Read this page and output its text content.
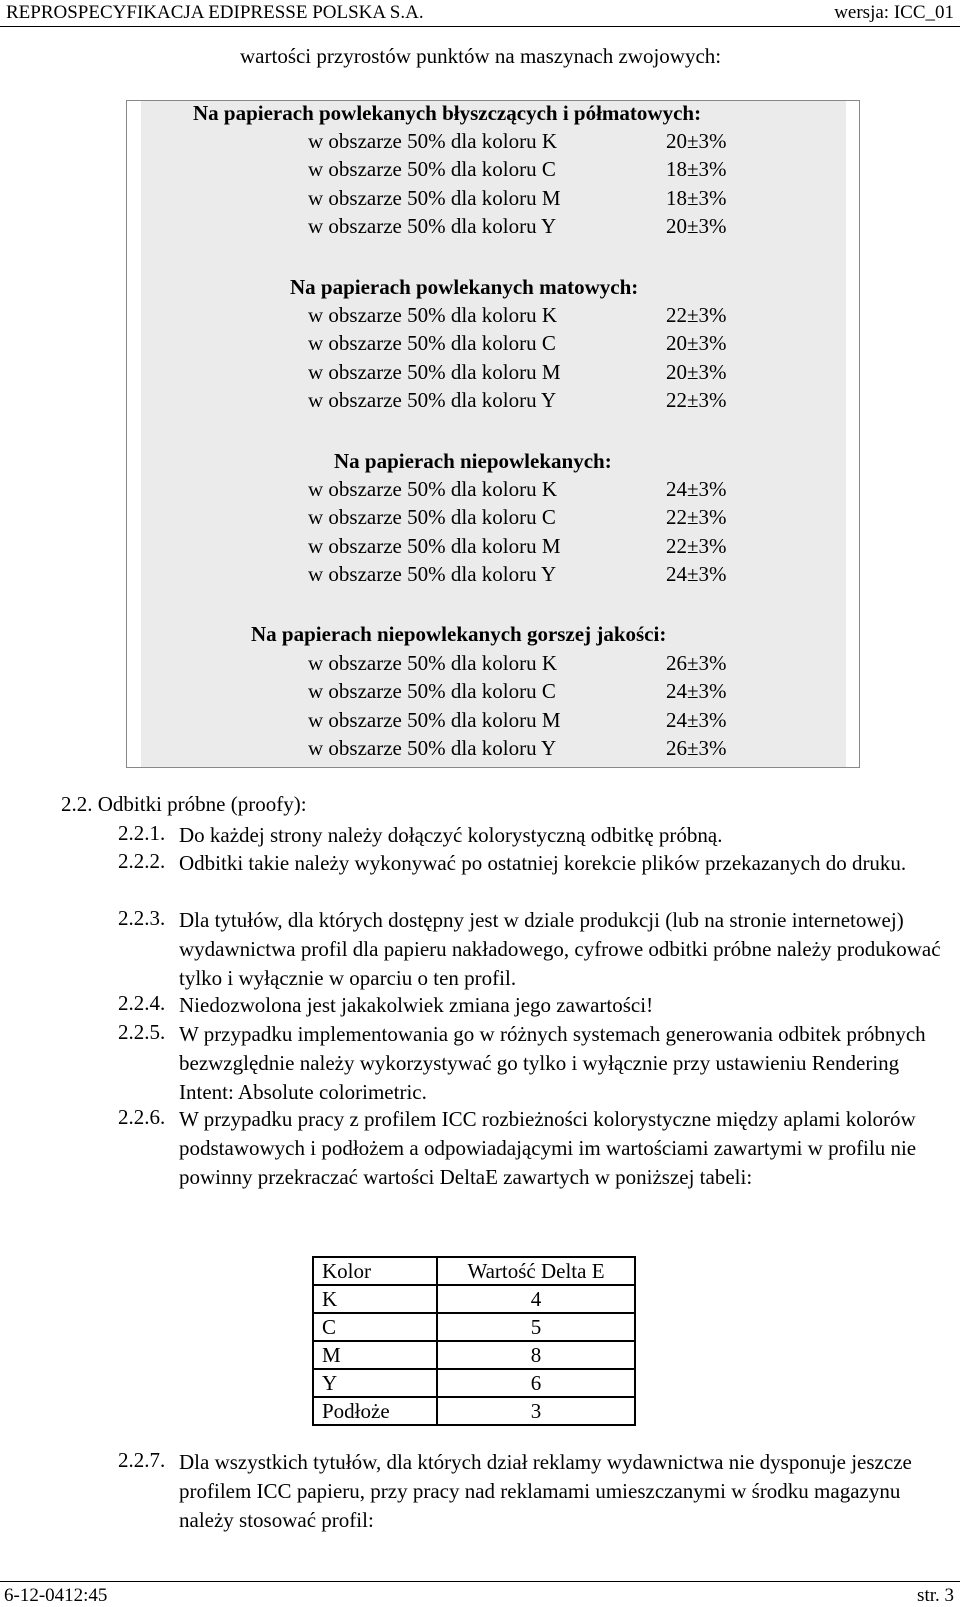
REPROSPECYFIKACJA EDIPRESSE POLSKA S.A.	wersja: ICC_01
wartości przyrostów punktów na maszynach zwojowych:
Na papierach powlekanych błyszczących i półmatowych:
w obszarze 50% dla koloru K	20±3%
w obszarze 50% dla koloru C	18±3%
w obszarze 50% dla koloru M	18±3%
w obszarze 50% dla koloru Y	20±3%
Na papierach powlekanych matowych:
w obszarze 50% dla koloru K	22±3%
w obszarze 50% dla koloru C	20±3%
w obszarze 50% dla koloru M	20±3%
w obszarze 50% dla koloru Y	22±3%
Na papierach niepowlekanych:
w obszarze 50% dla koloru K	24±3%
w obszarze 50% dla koloru C	22±3%
w obszarze 50% dla koloru M	22±3%
w obszarze 50% dla koloru Y	24±3%
Na papierach niepowlekanych gorszej jakości:
w obszarze 50% dla koloru K	26±3%
w obszarze 50% dla koloru C	24±3%
w obszarze 50% dla koloru M	24±3%
w obszarze 50% dla koloru Y	26±3%
2.2. Odbitki próbne (proofy):
2.2.1. Do każdej strony należy dołączyć kolorystyczną odbitkę próbną.
2.2.2. Odbitki takie należy wykonywać po ostatniej korekcie plików przekazanych do druku.
2.2.3. Dla tytułów, dla których dostępny jest w dziale produkcji (lub na stronie internetowej) wydawnictwa profil dla papieru nakładowego, cyfrowe odbitki próbne należy produkować tylko i wyłącznie w oparciu o ten profil.
2.2.4. Niedozwolona jest jakakolwiek zmiana jego zawartości!
2.2.5. W przypadku implementowania go w różnych systemach generowania odbitek próbnych bezwzględnie należy wykorzystywać go tylko i wyłącznie przy ustawieniu Rendering Intent: Absolute colorimetric.
2.2.6. W przypadku pracy z profilem ICC rozbieżności kolorystyczne między aplami kolorów podstawowych i podłożem a odpowiadającymi im wartościami zawartymi w profilu nie powinny przekraczać wartości DeltaE zawartych w poniższej tabeli:
Kolor	Wartość Delta E
K	4
C	5
M	8
Y	6
Podłoże	3
2.2.7. Dla wszystkich tytułów, dla których dział reklamy wydawnictwa nie dysponuje jeszcze profilem ICC papieru, przy pracy nad reklamami umieszczanymi w środku magazynu należy stosować profil:
6-12-0412:45	str. 3
